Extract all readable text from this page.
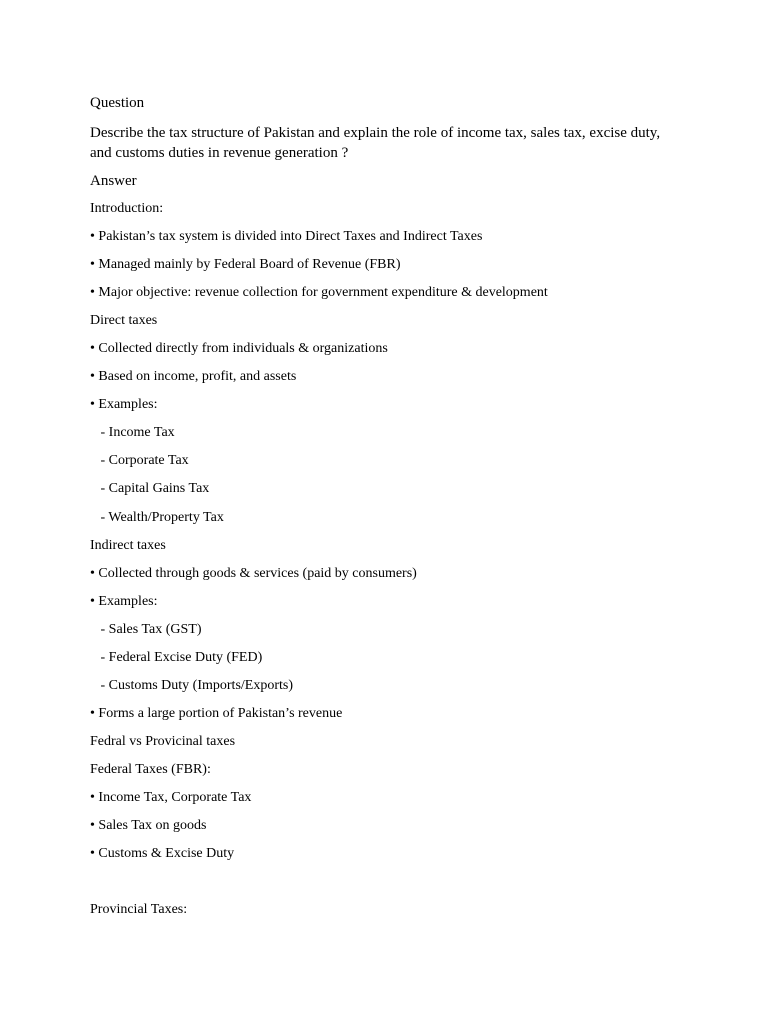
Question
Describe the tax structure of Pakistan and explain the role of income tax, sales tax, excise duty, and customs duties in revenue generation ?
Answer
Introduction:
• Pakistan’s tax system is divided into Direct Taxes and Indirect Taxes
• Managed mainly by Federal Board of Revenue (FBR)
• Major objective: revenue collection for government expenditure & development
Direct taxes
• Collected directly from individuals & organizations
• Based on income, profit, and assets
• Examples:
- Income Tax
- Corporate Tax
- Capital Gains Tax
- Wealth/Property Tax
Indirect taxes
• Collected through goods & services (paid by consumers)
• Examples:
- Sales Tax (GST)
- Federal Excise Duty (FED)
- Customs Duty (Imports/Exports)
• Forms a large portion of Pakistan’s revenue
Fedral vs Provicinal taxes
Federal Taxes (FBR):
• Income Tax, Corporate Tax
• Sales Tax on goods
• Customs & Excise Duty
Provincial Taxes:
